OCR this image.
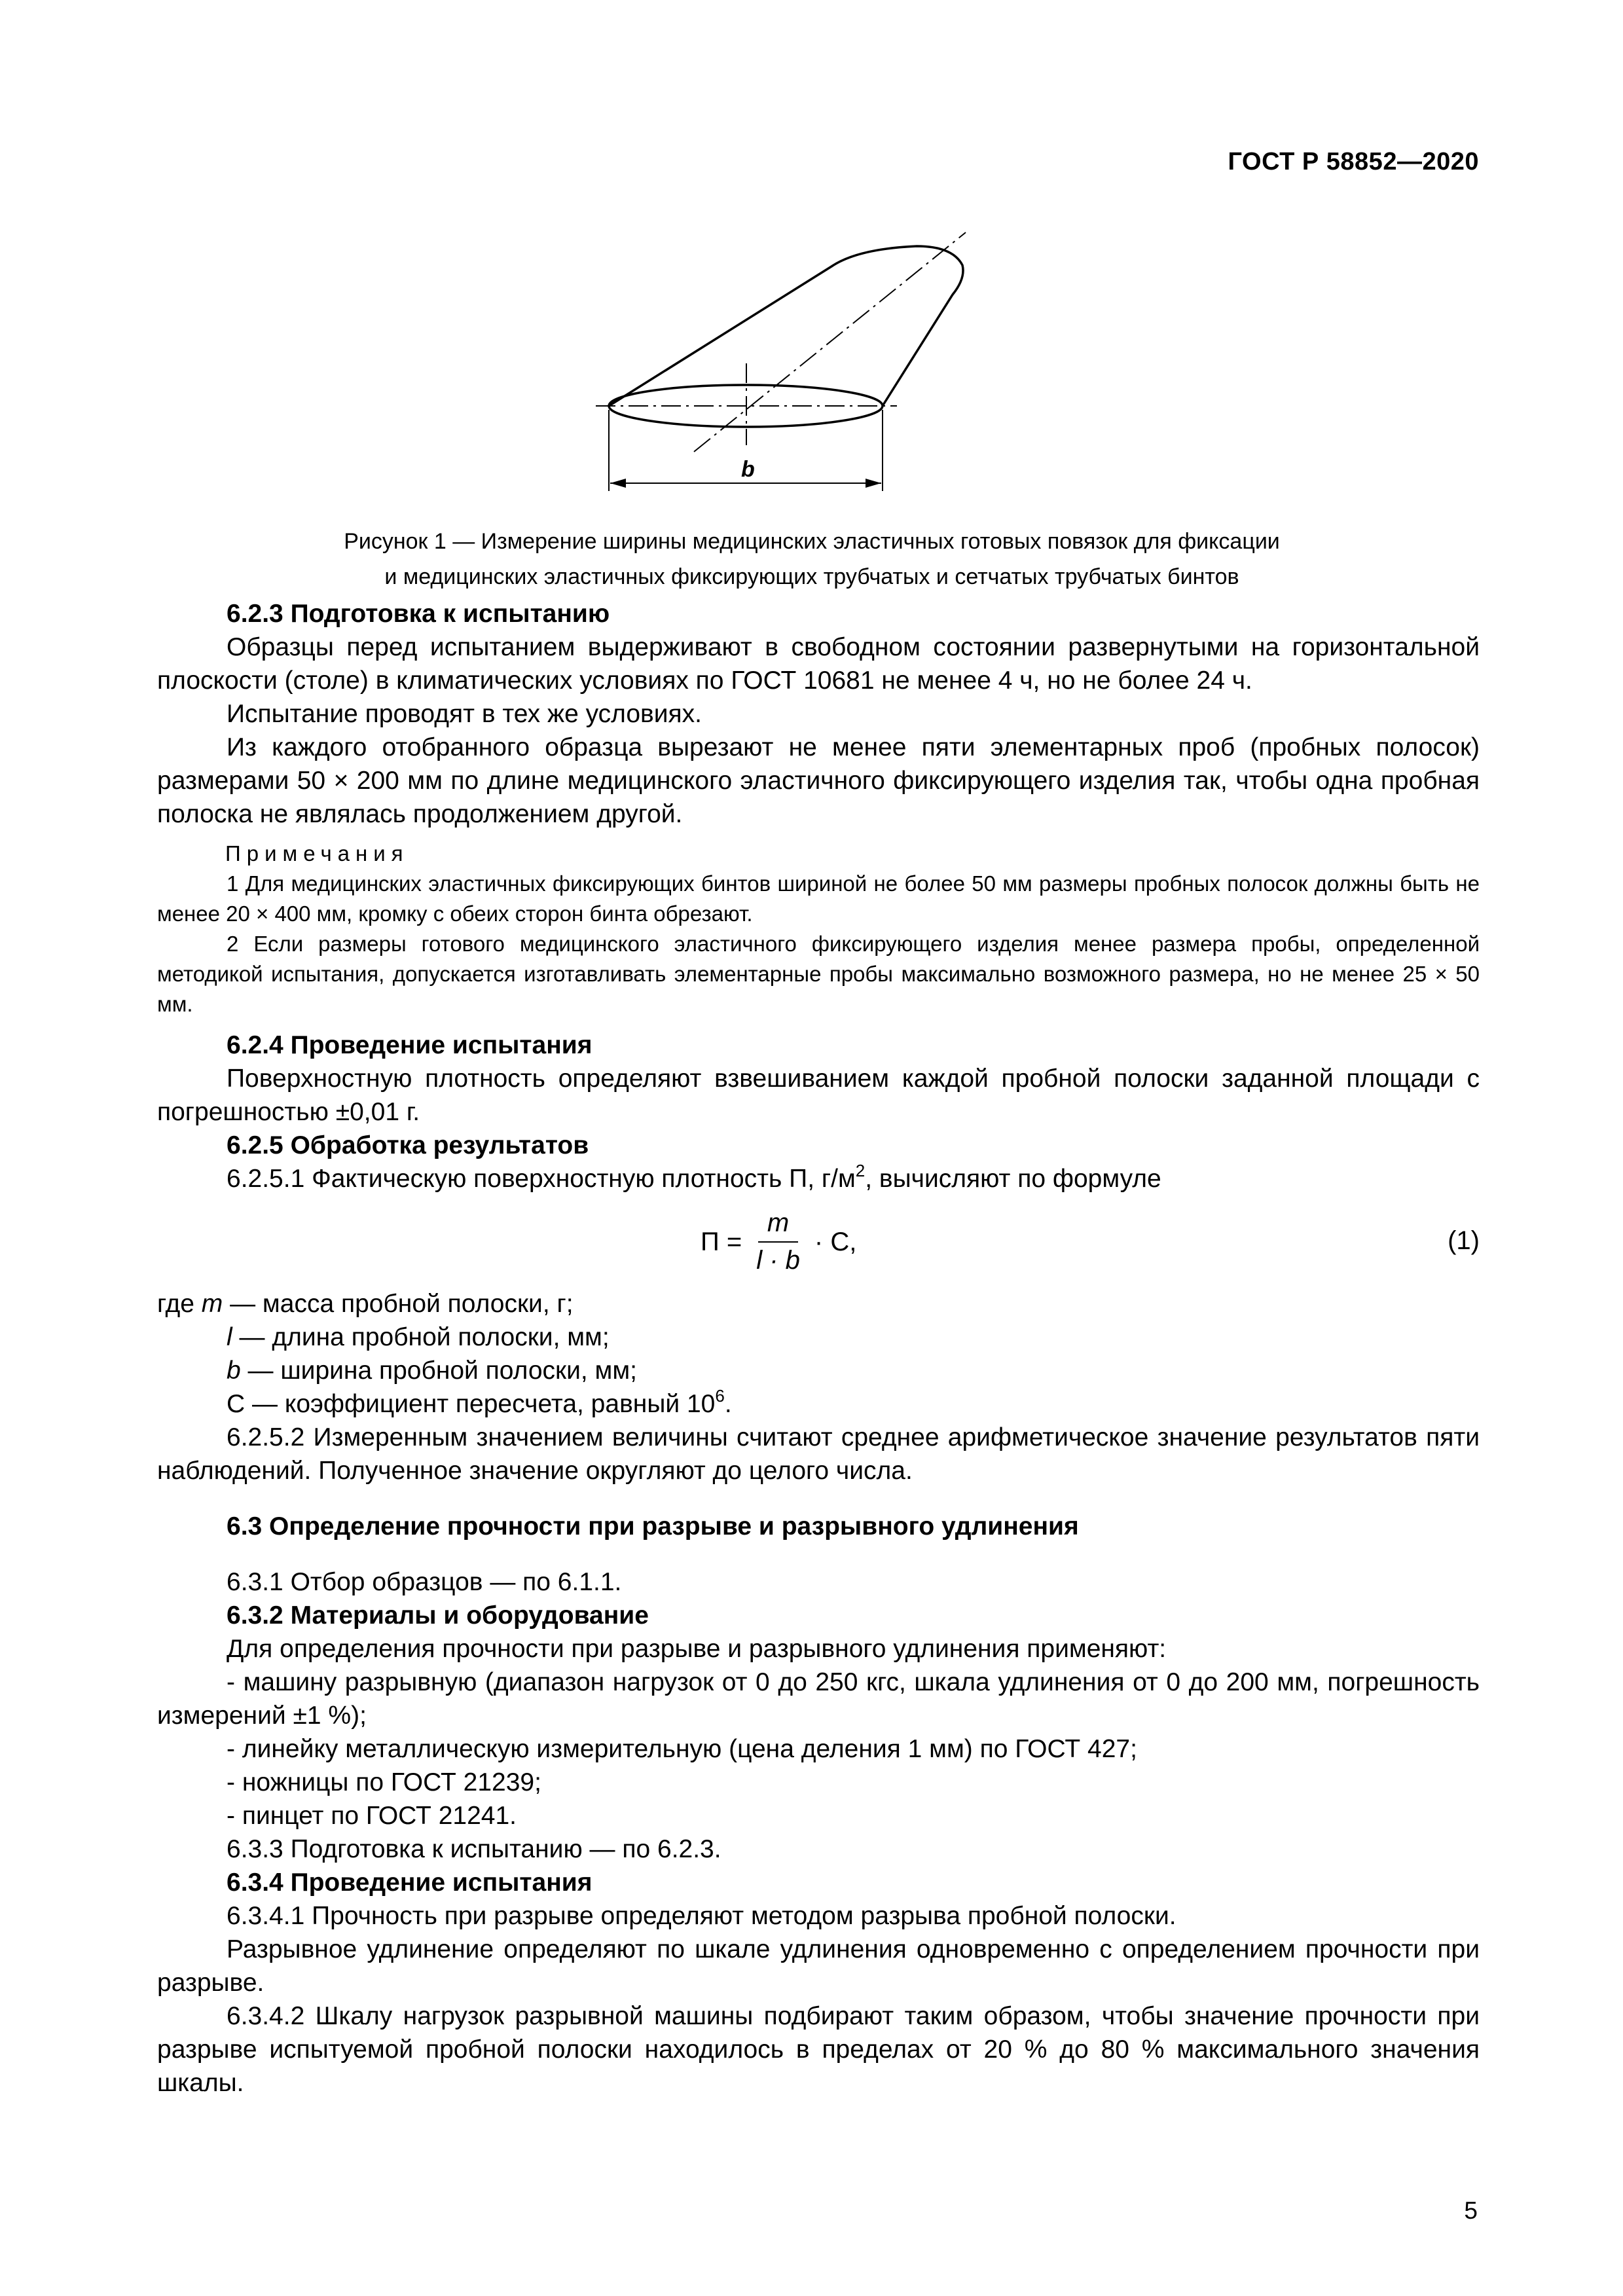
ГОСТ Р 58852—2020
b
Рисунок 1 — Измерение ширины медицинских эластичных готовых повязок для фиксации
и медицинских эластичных фиксирующих трубчатых и сетчатых трубчатых бинтов

6.2.3 Подготовка к испытанию

Образцы перед испытанием выдерживают в свободном состоянии развернутыми на горизонтальной плоскости (столе) в климатических условиях по ГОСТ 10681 не менее 4 ч, но не более 24 ч.

Испытание проводят в тех же условиях.

Из каждого отобранного образца вырезают не менее пяти элементарных проб (пробных полосок) размерами 50 × 200 мм по длине медицинского эластичного фиксирующего изделия так, чтобы одна пробная полоска не являлась продолжением другой.

Примечания

1 Для медицинских эластичных фиксирующих бинтов шириной не более 50 мм размеры пробных полосок должны быть не менее 20 × 400 мм, кромку с обеих сторон бинта обрезают.

2 Если размеры готового медицинского эластичного фиксирующего изделия менее размера пробы, определенной методикой испытания, допускается изготавливать элементарные пробы максимально возможного размера, но не менее 25 × 50 мм.

6.2.4 Проведение испытания

Поверхностную плотность определяют взвешиванием каждой пробной полоски заданной площади с погрешностью ±0,01 г.

6.2.5 Обработка результатов

6.2.5.1 Фактическую поверхностную плотность П, $г/м^2$, вычисляют по формуле

$П = \frac{m}{l \cdot b} \cdot С$,	(1)

где m — масса пробной полоски, г;

l — длина пробной полоски, мм;

b — ширина пробной полоски, мм;

С — коэффициент пересчета, равный $10^6$.

6.2.5.2 Измеренным значением величины считают среднее арифметическое значение результатов пяти наблюдений. Полученное значение округляют до целого числа.

6.3 Определение прочности при разрыве и разрывного удлинения

6.3.1 Отбор образцов — по 6.1.1.

6.3.2 Материалы и оборудование

Для определения прочности при разрыве и разрывного удлинения применяют:

- машину разрывную (диапазон нагрузок от 0 до 250 кгс, шкала удлинения от 0 до 200 мм, погрешность измерений ±1 %);

- линейку металлическую измерительную (цена деления 1 мм) по ГОСТ 427;

- ножницы по ГОСТ 21239;

- пинцет по ГОСТ 21241.

6.3.3 Подготовка к испытанию — по 6.2.3.

6.3.4 Проведение испытания

6.3.4.1 Прочность при разрыве определяют методом разрыва пробной полоски.

Разрывное удлинение определяют по шкале удлинения одновременно с определением прочности при разрыве.

6.3.4.2 Шкалу нагрузок разрывной машины подбирают таким образом, чтобы значение прочности при разрыве испытуемой пробной полоски находилось в пределах от 20 % до 80 % максимального значения шкалы.

5
